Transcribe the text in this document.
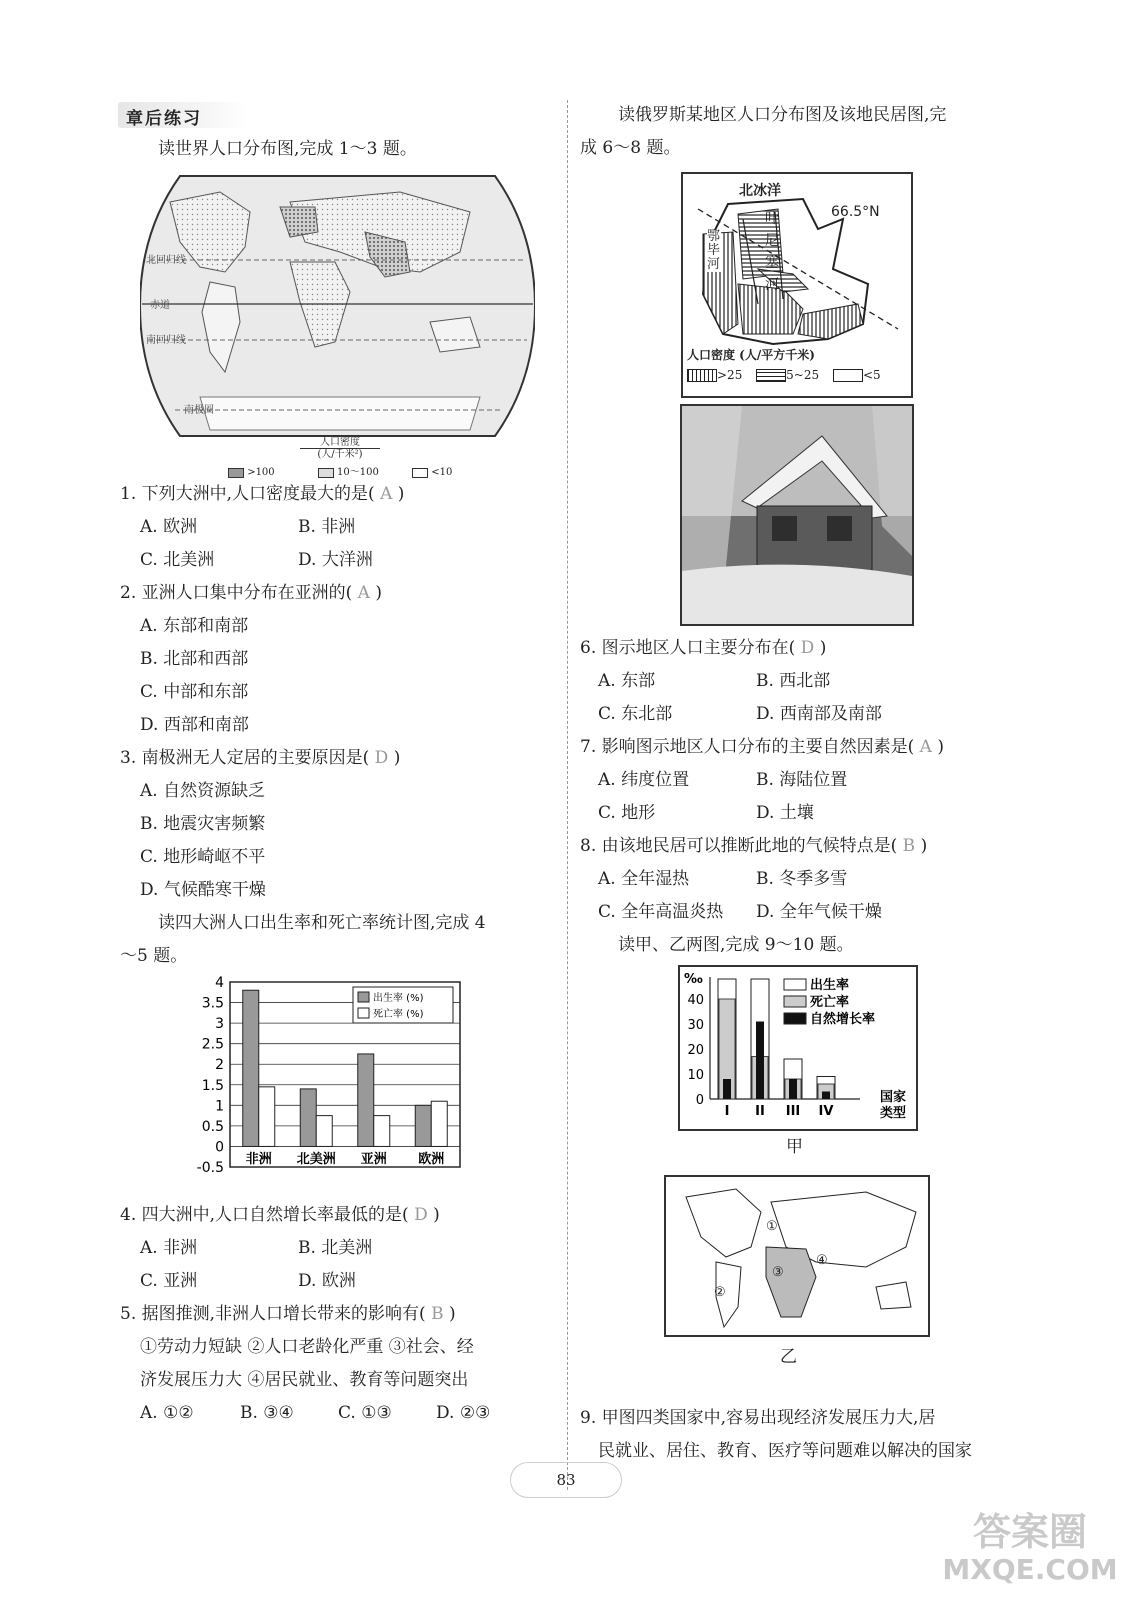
章后练习
读世界人口分布图,完成 1～3 题。
北回归线
赤道
南回归线
南极圈
人口密度
(人/千米²)
>100	10～100	<10
1. 下列大洲中,人口密度最大的是( A )
A. 欧洲	B. 非洲
C. 北美洲	D. 大洋洲
2. 亚洲人口集中分布在亚洲的( A )
A. 东部和南部
B. 北部和西部
C. 中部和东部
D. 西部和南部
3. 南极洲无人定居的主要原因是( D )
A. 自然资源缺乏
B. 地震灾害频繁
C. 地形崎岖不平
D. 气候酷寒干燥
读四大洲人口出生率和死亡率统计图,完成 4
～5 题。
4
3.5
3
2.5
2
1.5
1
0.5
0
-0.5
非洲 北美洲 亚洲 欧洲
出生率 (%)
死亡率 (%)
4. 四大洲中,人口自然增长率最低的是( D )
A. 非洲	B. 北美洲
C. 亚洲	D. 欧洲
5. 据图推测,非洲人口增长带来的影响有( B )
①劳动力短缺 ②人口老龄化严重 ③社会、经
济发展压力大 ④居民就业、教育等问题突出
A. ①②	B. ③④	C. ①③	D. ②③
读俄罗斯某地区人口分布图及该地民居图,完
成 6～8 题。
北冰洋
66.5°N
鄂
毕
河
叶
尼
塞
河
人口密度 (人/平方千米)
>25	5~25	<5
6. 图示地区人口主要分布在( D )
A. 东部	B. 西北部
C. 东北部	D. 西南部及南部
7. 影响图示地区人口分布的主要自然因素是( A )
A. 纬度位置	B. 海陆位置
C. 地形	D. 土壤
8. 由该地民居可以推断此地的气候特点是( B )
A. 全年湿热	B. 冬季多雪
C. 全年高温炎热 D. 全年气候干燥
读甲、乙两图,完成 9～10 题。
‰
40
30
20
10
0
I II III IV
出生率
死亡率
自然增长率
国家
类型
甲
①
②
③
④
乙
9. 甲图四类国家中,容易出现经济发展压力大,居
民就业、居住、教育、医疗等问题难以解决的国家
83
答案圈
MXQE.COM
